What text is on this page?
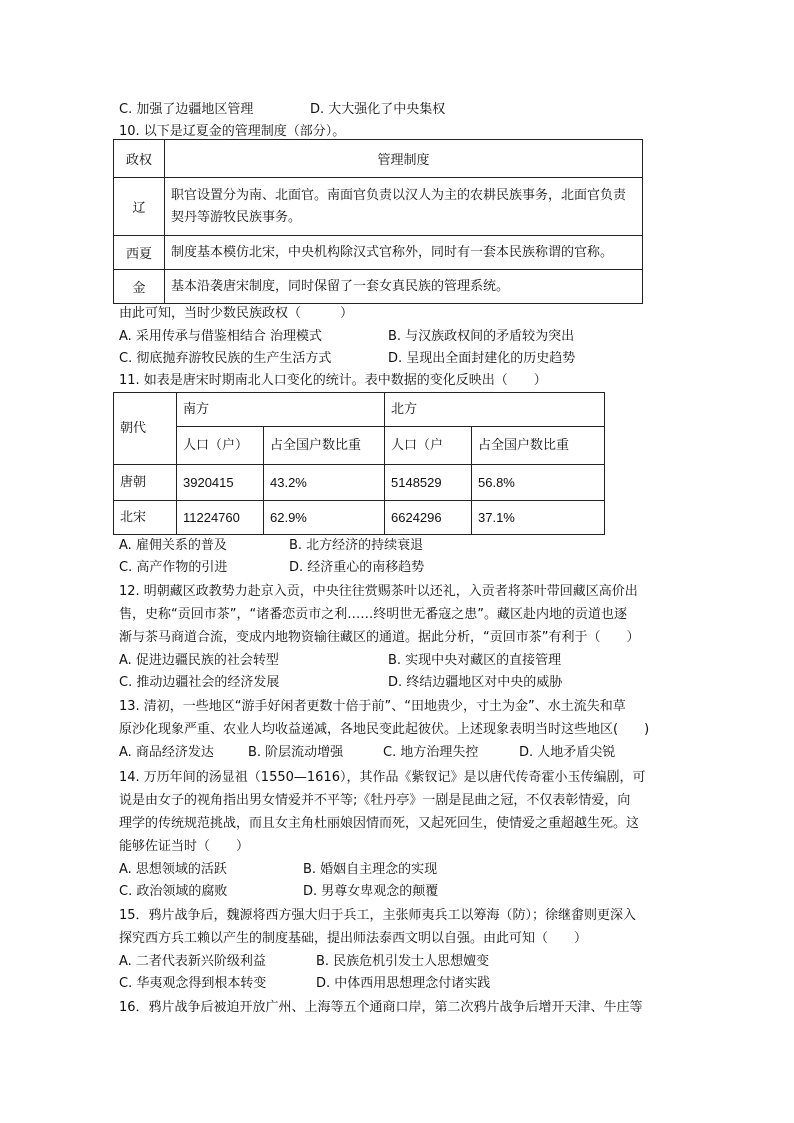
C. 加强了边疆地区管理	D. 大大强化了中央集权
10. 以下是辽夏金的管理制度（部分）。
政权	管理制度
辽	职官设置分为南、北面官。南面官负责以汉人为主的农耕民族事务，北面官负责契丹等游牧民族事务。
西夏	制度基本模仿北宋，中央机构除汉式官称外，同时有一套本民族称谓的官称。
金	基本沿袭唐宋制度，同时保留了一套女真民族的管理系统。
由此可知，当时少数民族政权（　　　）
A. 采用传承与借鉴相结合 治理模式	B. 与汉族政权间的矛盾较为突出
C. 彻底抛弃游牧民族的生产生活方式	D. 呈现出全面封建化的历史趋势
11. 如表是唐宋时期南北人口变化的统计。表中数据的变化反映出（　　）
朝代	南方		北方	
	人口（户）	占全国户数比重	人口（户	占全国户数比重
唐朝	3920415	43.2%	5148529	56.8%
北宋	11224760	62.9%	6624296	37.1%
A. 雇佣关系的普及	B. 北方经济的持续衰退
C. 高产作物的引进	D. 经济重心的南移趋势
12. 明朝藏区政教势力赴京入贡，中央往往赏赐茶叶以还礼，入贡者将茶叶带回藏区高价出
售，史称“贡回市茶”，“诸番恋贡市之利……终明世无番寇之患”。藏区赴内地的贡道也逐
渐与茶马商道合流，变成内地物资输往藏区的通道。据此分析，“贡回市茶”有利于（　　）
A. 促进边疆民族的社会转型	B. 实现中央对藏区的直接管理
C. 推动边疆社会的经济发展	D. 终结边疆地区对中央的威胁
13. 清初，一些地区“游手好闲者更数十倍于前”、“田地贵少，寸土为金”、水土流失和草
原沙化现象严重、农业人均收益递减，各地民变此起彼伏。上述现象表明当时这些地区(　　)
A. 商品经济发达	B. 阶层流动增强	C. 地方治理失控	D. 人地矛盾尖锐
14. 万历年间的汤显祖（1550—1616），其作品《紫钗记》是以唐代传奇霍小玉传编剧，可
说是由女子的视角指出男女情爱并不平等;《牡丹亭》一剧是昆曲之冠，不仅表彰情爱，向
理学的传统规范挑战，而且女主角杜丽娘因情而死，又起死回生，使情爱之重超越生死。这
能够佐证当时（　　）
A. 思想领域的活跃	B. 婚姻自主理念的实现
C. 政治领域的腐败	D. 男尊女卑观念的颠覆
15．鸦片战争后，魏源将西方强大归于兵工，主张师夷兵工以筹海（防）；徐继畬则更深入
探究西方兵工赖以产生的制度基础，提出师法泰西文明以自强。由此可知（　　）
A. 二者代表新兴阶级利益	B. 民族危机引发士人思想嬗变
C. 华夷观念得到根本转变	D. 中体西用思想理念付诸实践
16．鸦片战争后被迫开放广州、上海等五个通商口岸，第二次鸦片战争后增开天津、牛庄等
